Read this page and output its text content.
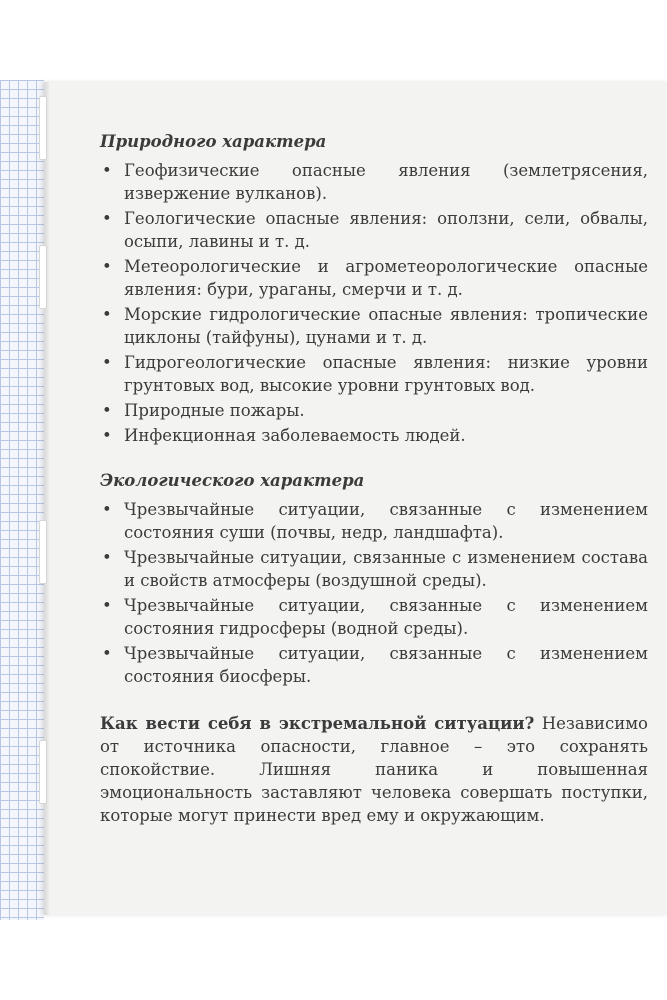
Природного характера
• Геофизические опасные явления (землетрясения, извержение вулканов).
• Геологические опасные явления: оползни, сели, обвалы, осыпи, лавины и т. д.
• Метеорологические и агрометеорологические опасные явления: бури, ураганы, смерчи и т. д.
• Морские гидрологические опасные явления: тропические циклоны (тайфуны), цунами и т. д.
• Гидрогеологические опасные явления: низкие уровни грунтовых вод, высокие уровни грунтовых вод.
• Природные пожары.
• Инфекционная заболеваемость людей.
Экологического характера
• Чрезвычайные ситуации, связанные с изменением состояния суши (почвы, недр, ландшафта).
• Чрезвычайные ситуации, связанные с изменением состава и свойств атмосферы (воздушной среды).
• Чрезвычайные ситуации, связанные с изменением состояния гидросферы (водной среды).
• Чрезвычайные ситуации, связанные с изменением состояния биосферы.
Как вести себя в экстремальной ситуации? Независимо от источника опасности, главное – это сохранять спокойствие. Лишняя паника и повышенная эмоциональность заставляют человека совершать поступки, которые могут принести вред ему и окружающим.
